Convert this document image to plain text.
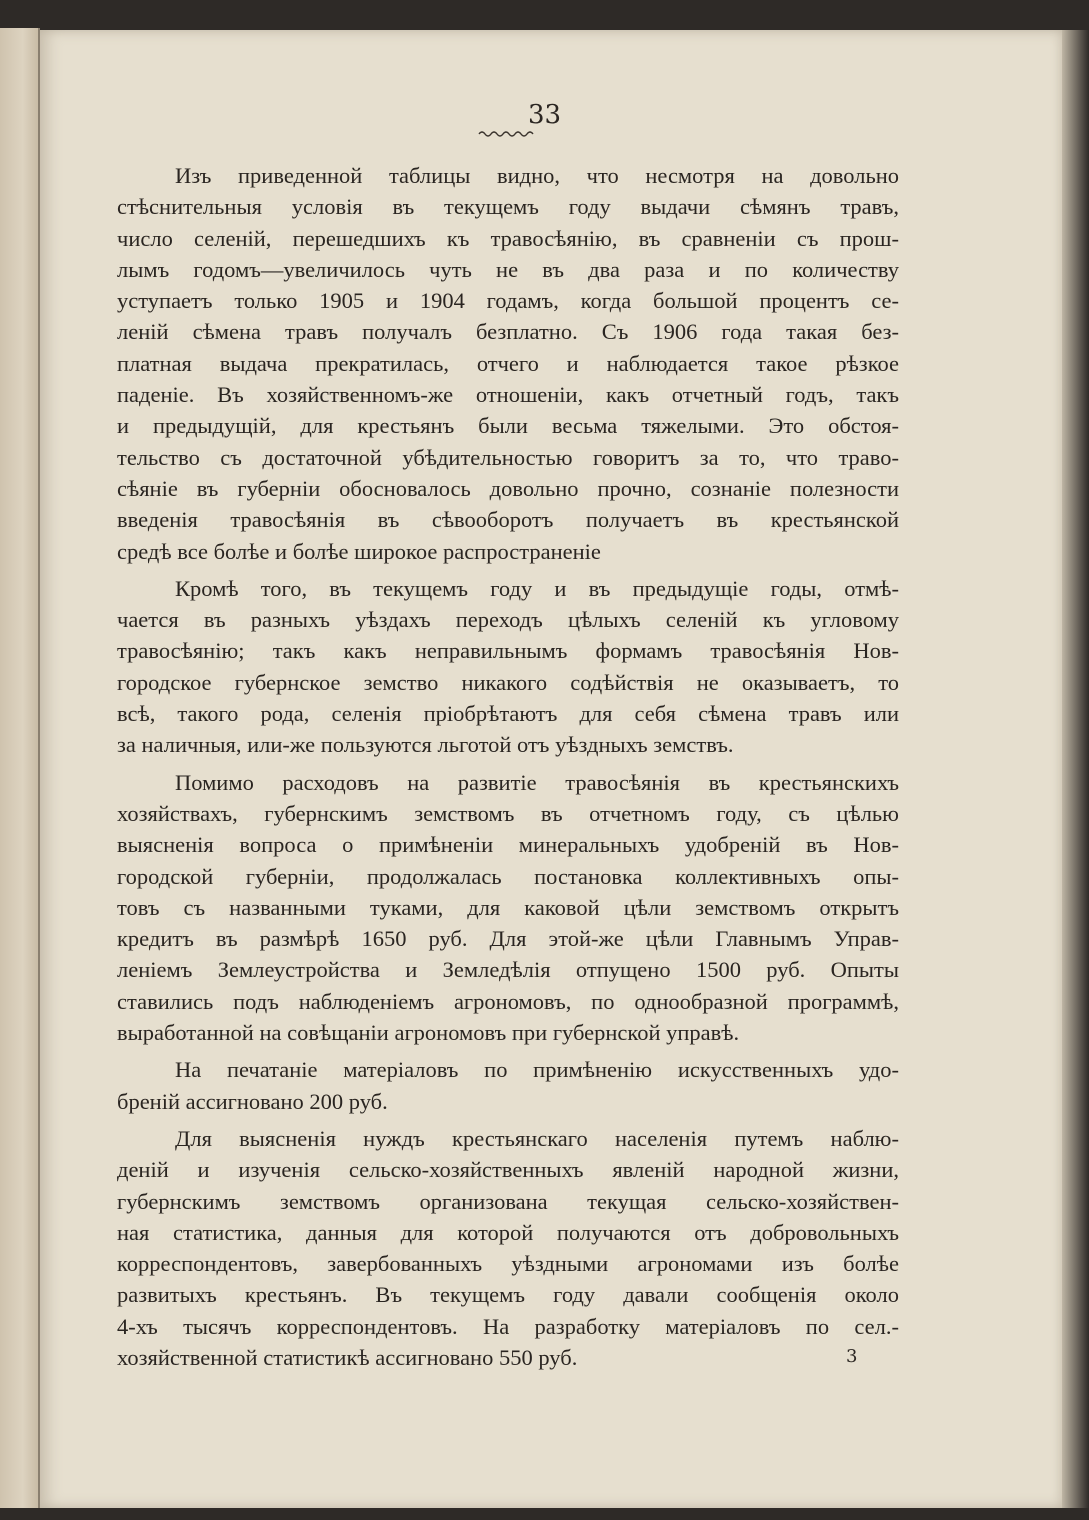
33

Изъ приведенной таблицы видно, что несмотря на довольно
стѣснительныя условія въ текущемъ году выдачи сѣмянъ травъ,
число селеній, перешедшихъ къ травосѣянію, въ сравненіи съ прош-
лымъ годомъ—увеличилось чуть не въ два раза и по количеству
уступаетъ только 1905 и 1904 годамъ, когда большой процентъ се-
леній сѣмена травъ получалъ безплатно. Съ 1906 года такая без-
платная выдача прекратилась, отчего и наблюдается такое рѣзкое
паденіе. Въ хозяйственномъ-же отношеніи, какъ отчетный годъ, такъ
и предыдущій, для крестьянъ были весьма тяжелыми. Это обстоя-
тельство съ достаточной убѣдительностью говоритъ за то, что траво-
сѣяніе въ губерніи обосновалось довольно прочно, сознаніе полезности
введенія травосѣянія въ сѣвооборотъ получаетъ въ крестьянской
средѣ все болѣе и болѣе широкое распространеніе

Кромѣ того, въ текущемъ году и въ предыдущіе годы, отмѣ-
чается въ разныхъ уѣздахъ переходъ цѣлыхъ селеній къ угловому
травосѣянію; такъ какъ неправильнымъ формамъ травосѣянія Нов-
городское губернское земство никакого содѣйствія не оказываетъ, то
всѣ, такого рода, селенія пріобрѣтаютъ для себя сѣмена травъ или
за наличныя, или-же пользуются льготой отъ уѣздныхъ земствъ.

Помимо расходовъ на развитіе травосѣянія въ крестьянскихъ
хозяйствахъ, губернскимъ земствомъ въ отчетномъ году, съ цѣлью
выясненія вопроса о примѣненіи минеральныхъ удобреній въ Нов-
городской губерніи, продолжалась постановка коллективныхъ опы-
товъ съ названными туками, для каковой цѣли земствомъ открытъ
кредитъ въ размѣрѣ 1650 руб. Для этой-же цѣли Главнымъ Управ-
леніемъ Землеустройства и Земледѣлія отпущено 1500 руб. Опыты
ставились подъ наблюденіемъ агрономовъ, по однообразной программѣ,
выработанной на совѣщаніи агрономовъ при губернской управѣ.

На печатаніе матеріаловъ по примѣненію искусственныхъ удо-
бреній ассигновано 200 руб.

Для выясненія нуждъ крестьянскаго населенія путемъ наблю-
деній и изученія сельско-хозяйственныхъ явленій народной жизни,
губернскимъ земствомъ организована текущая сельско-хозяйствен-
ная статистика, данныя для которой получаются отъ добровольныхъ
корреспондентовъ, завербованныхъ уѣздными агрономами изъ болѣе
развитыхъ крестьянъ. Въ текущемъ году давали сообщенія около
4-хъ тысячъ корреспондентовъ. На разработку матеріаловъ по сел.-
хозяйственной статистикѣ ассигновано 550 руб.	3
